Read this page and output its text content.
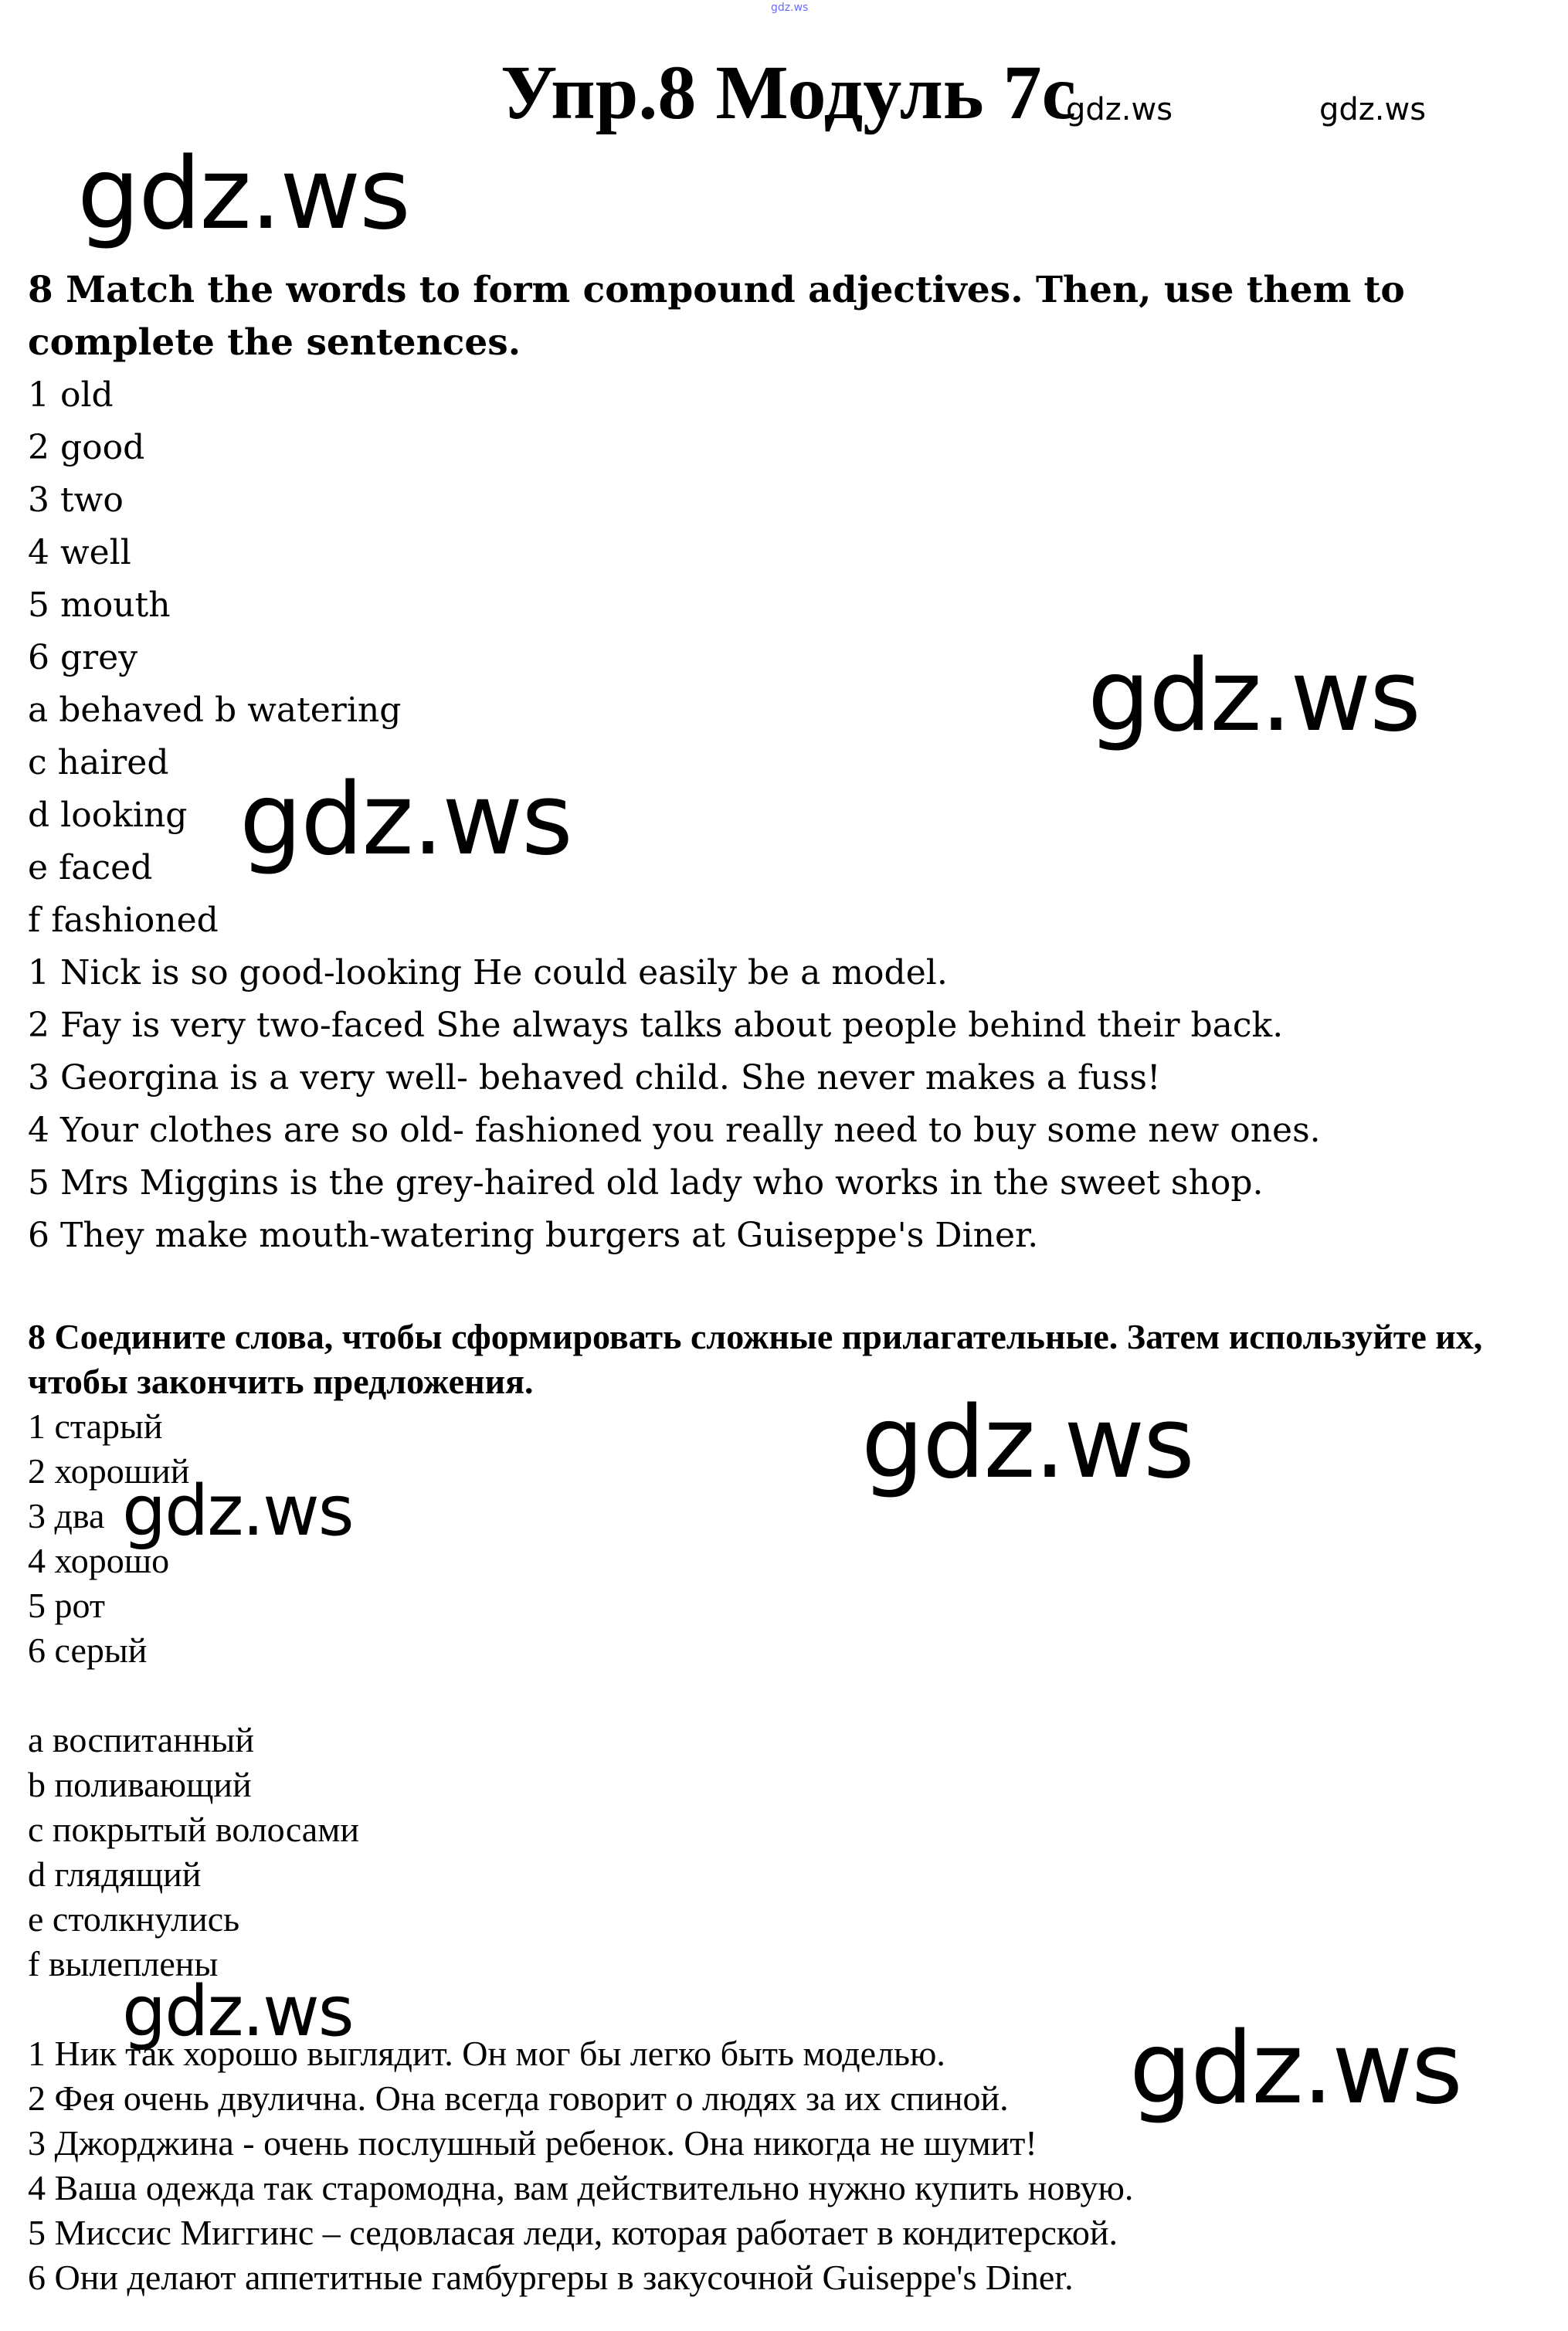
gdz.ws
Упр.8 Модуль 7c
gdz.ws	gdz.ws
gdz.ws
gdz.ws
gdz.ws
gdz.ws
gdz.ws
gdz.ws	gdz.ws
8 Match the words to form compound adjectives. Then, use them to complete the sentences.
1 old
2 good
3 two
4 well
5 mouth
6 grey
a behaved b watering
c haired
d looking
e faced
f fashioned
1 Nick is so good-looking He could easily be a model.
2 Fay is very two-faced She always talks about people behind their back.
3 Georgina is a very well- behaved child. She never makes a fuss!
4 Your clothes are so old- fashioned you really need to buy some new ones.
5 Mrs Miggins is the grey-haired old lady who works in the sweet shop.
6 They make mouth-watering burgers at Guiseppe's Diner.
8 Соедините слова, чтобы сформировать сложные прилагательные. Затем используйте их, чтобы закончить предложения.
1 старый
2 хороший
3 два
4 хорошо
5 рот
6 серый
a воспитанный
b поливающий
c покрытый волосами
d глядящий
e столкнулись
f вылеплены
1 Ник так хорошо выглядит. Он мог бы легко быть моделью.
2 Фея очень двулична. Она всегда говорит о людях за их спиной.
3 Джорджина - очень послушный ребенок. Она никогда не шумит!
4 Ваша одежда так старомодна, вам действительно нужно купить новую.
5 Миссис Миггинс – седовласая леди, которая работает в кондитерской.
6 Они делают аппетитные гамбургеры в закусочной Guiseppe's Diner.
